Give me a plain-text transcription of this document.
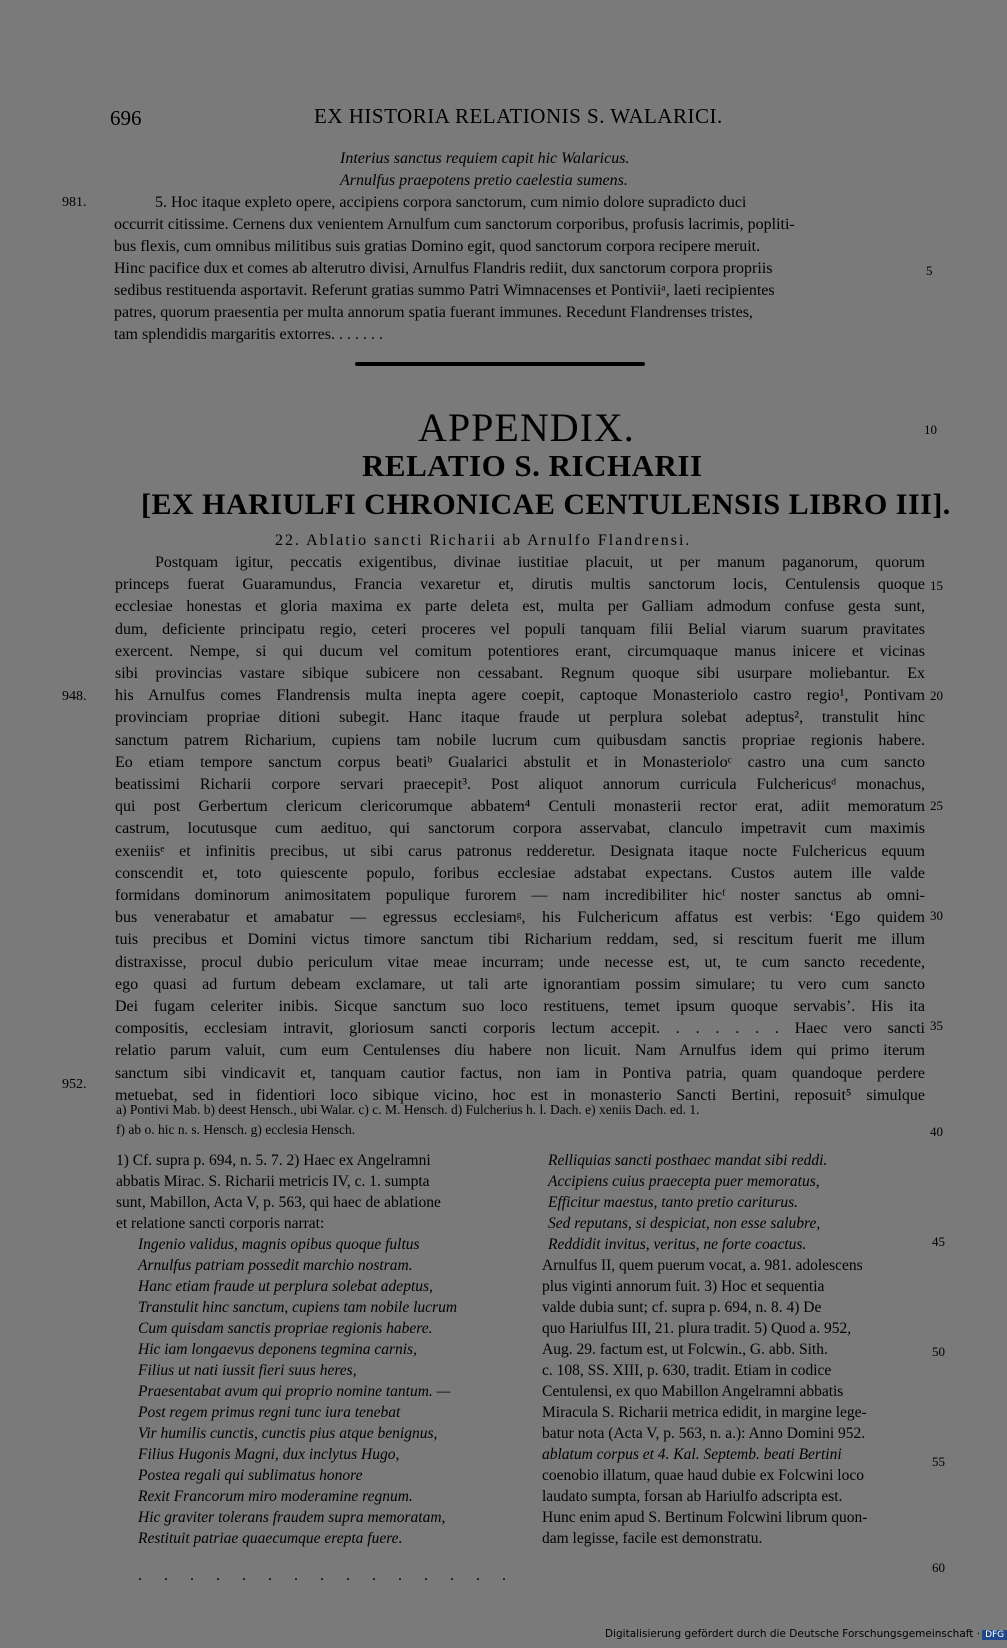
696	EX HISTORIA RELATIONIS S. WALARICI.
Interius sanctus requiem capit hic Walaricus.
Arnulfus praepotens pretio caelestia sumens.
981.	5. Hoc itaque expleto opere, accipiens corpora sanctorum, cum nimio dolore supradicto duci
occurrit citissime. Cernens dux venientem Arnulfum cum sanctorum corporibus, profusis lacrimis, popliti-
bus flexis, cum omnibus militibus suis gratias Domino egit, quod sanctorum corpora recipere meruit.
Hinc pacifice dux et comes ab alterutro divisi, Arnulfus Flandris rediit, dux sanctorum corpora propriis
sedibus restituenda asportavit. Referunt gratias summo Patri Wimnacenses et Pontiviiᵃ, laeti recipientes
patres, quorum praesentia per multa annorum spatia fuerant immunes. Recedunt Flandrenses tristes,
tam splendidis margaritis extorres. . . . . . .
5
APPENDIX.	10
RELATIO S. RICHARII
[EX HARIULFI CHRONICAE CENTULENSIS LIBRO III].
22. Ablatio sancti Richarii ab Arnulfo Flandrensi.
Postquam igitur, peccatis exigentibus, divinae iustitiae placuit, ut per manum paganorum, quorum
princeps fuerat Guaramundus, Francia vexaretur et, dirutis multis sanctorum locis, Centulensis quoque
ecclesiae honestas et gloria maxima ex parte deleta est, multa per Galliam admodum confuse gesta sunt,
dum, deficiente principatu regio, ceteri proceres vel populi tanquam filii Belial viarum suarum pravitates
exercent. Nempe, si qui ducum vel comitum potentiores erant, circumquaque manus inicere et vicinas
sibi provincias vastare sibique subicere non cessabant. Regnum quoque sibi usurpare moliebantur. Ex
his Arnulfus comes Flandrensis multa inepta agere coepit, captoque Monasteriolo castro regio¹, Pontivam
provinciam propriae ditioni subegit. Hanc itaque fraude ut perplura solebat adeptus², transtulit hinc
sanctum patrem Richarium, cupiens tam nobile lucrum cum quibusdam sanctis propriae regionis habere.
Eo etiam tempore sanctum corpus beatiᵇ Gualarici abstulit et in Monasterioloᶜ castro una cum sancto
beatissimi Richarii corpore servari praecepit³. Post aliquot annorum curricula Fulchericusᵈ monachus,
qui post Gerbertum clericum clericorumque abbatem⁴ Centuli monasterii rector erat, adiit memoratum
castrum, locutusque cum aedituo, qui sanctorum corpora asservabat, clanculo impetravit cum maximis
exeniisᵉ et infinitis precibus, ut sibi carus patronus redderetur. Designata itaque nocte Fulchericus equum
conscendit et, toto quiescente populo, foribus ecclesiae adstabat expectans. Custos autem ille valde
formidans dominorum animositatem populique furorem — nam incredibiliter hicᶠ noster sanctus ab omni-
bus venerabatur et amabatur — egressus ecclesiamᵍ, his Fulchericum affatus est verbis: ‘Ego quidem
tuis precibus et Domini victus timore sanctum tibi Richarium reddam, sed, si rescitum fuerit me illum
distraxisse, procul dubio periculum vitae meae incurram; unde necesse est, ut, te cum sancto recedente,
ego quasi ad furtum debeam exclamare, ut tali arte ignorantiam possim simulare; tu vero cum sancto
Dei fugam celeriter inibis. Sicque sanctum suo loco restituens, temet ipsum quoque servabis’. His ita
compositis, ecclesiam intravit, gloriosum sancti corporis lectum accepit. . . . . . . Haec vero sancti
relatio parum valuit, cum eum Centulenses diu habere non licuit. Nam Arnulfus idem qui primo iterum
sanctum sibi vindicavit et, tanquam cautior factus, non iam in Pontiva patria, quam quandoque perdere
metuebat, sed in fidentiori loco sibique vicino, hoc est in monasterio Sancti Bertini, reposuit⁵ simulque
948.
952.
15
20
25
30
35
40
a) Pontivi Mab. b) deest Hensch., ubi Walar. c) c. M. Hensch. d) Fulcherius h. l. Dach. e) xeniis Dach. ed. 1.
f) ab o. hic n. s. Hensch. g) ecclesia Hensch.
1) Cf. supra p. 694, n. 5. 7. 2) Haec ex Angelramni
abbatis Mirac. S. Richarii metricis IV, c. 1. sumpta
sunt, Mabillon, Acta V, p. 563, qui haec de ablatione
et relatione sancti corporis narrat:
Ingenio validus, magnis opibus quoque fultus
Arnulfus patriam possedit marchio nostram.
Hanc etiam fraude ut perplura solebat adeptus,
Transtulit hinc sanctum, cupiens tam nobile lucrum
Cum quisdam sanctis propriae regionis habere.
Hic iam longaevus deponens tegmina carnis,
Filius ut nati iussit fieri suus heres,
Praesentabat avum qui proprio nomine tantum. —
Post regem primus regni tunc iura tenebat
Vir humilis cunctis, cunctis pius atque benignus,
Filius Hugonis Magni, dux inclytus Hugo,
Postea regali qui sublimatus honore
Rexit Francorum miro moderamine regnum.
Hic graviter tolerans fraudem supra memoratam,
Restituit patriae quaecumque erepta fuere.
. . . . . . . . . . . . . . .
Relliquias sancti posthaec mandat sibi reddi.
Accipiens cuius praecepta puer memoratus,
Efficitur maestus, tanto pretio cariturus.
Sed reputans, si despiciat, non esse salubre,
Reddidit invitus, veritus, ne forte coactus.
Arnulfus II, quem puerum vocat, a. 981. adolescens
plus viginti annorum fuit. 3) Hoc et sequentia
valde dubia sunt; cf. supra p. 694, n. 8. 4) De
quo Hariulfus III, 21. plura tradit. 5) Quod a. 952,
Aug. 29. factum est, ut Folcwin., G. abb. Sith.
c. 108, SS. XIII, p. 630, tradit. Etiam in codice
Centulensi, ex quo Mabillon Angelramni abbatis
Miracula S. Richarii metrica edidit, in margine lege-
batur nota (Acta V, p. 563, n. a.): Anno Domini 952.
ablatum corpus et 4. Kal. Septemb. beati Bertini
coenobio illatum, quae haud dubie ex Folcwini loco
laudato sumpta, forsan ab Hariulfo adscripta est.
Hunc enim apud S. Bertinum Folcwini librum quon-
dam legisse, facile est demonstratu.
45
50
55
60
Digitalisierung gefördert durch die Deutsche Forschungsgemeinschaft · DFG
